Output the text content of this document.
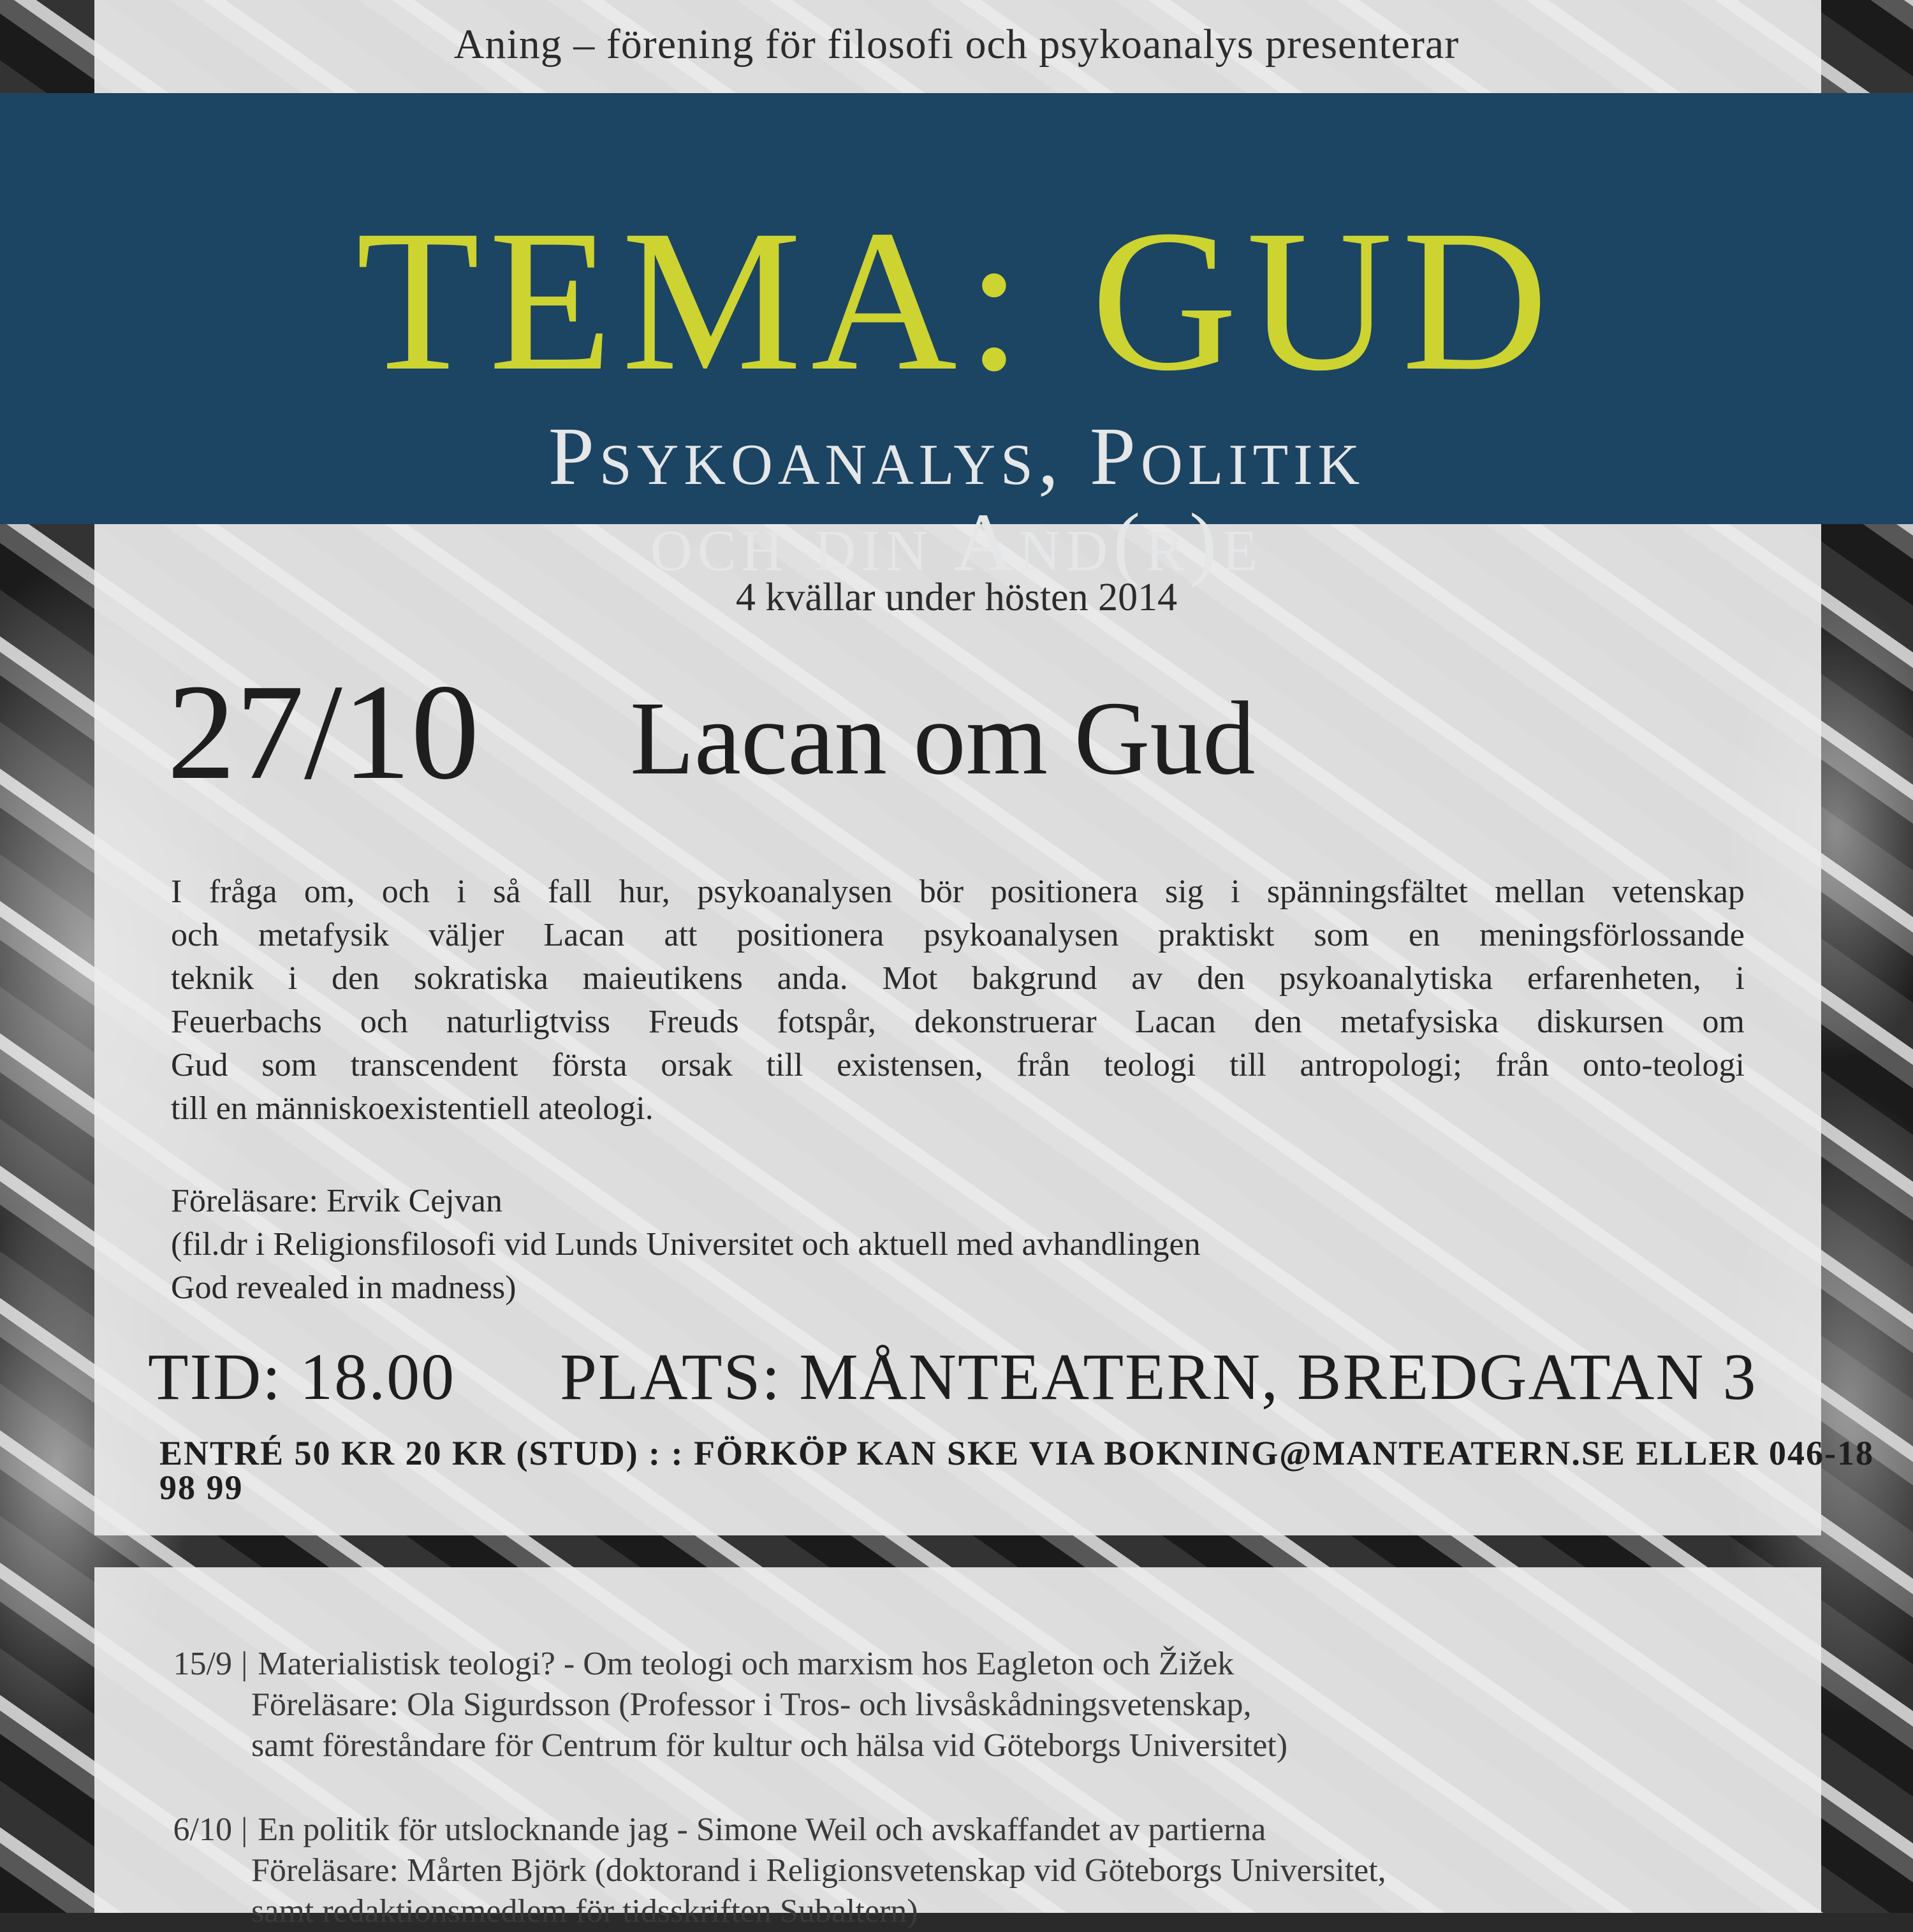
Aning – förening för filosofi och psykoanalys presenterar
TEMA: GUD
Psykoanalys, Politik
och din And(r)e
4 kvällar under hösten 2014
27/10 Lacan om Gud
I fråga om, och i så fall hur, psykoanalysen bör positionera sig i spänningsfältet mellan vetenskap
och metafysik väljer Lacan att positionera psykoanalysen praktiskt som en meningsförlossande
teknik i den sokratiska maieutikens anda. Mot bakgrund av den psykoanalytiska erfarenheten, i
Feuerbachs och naturligtviss Freuds fotspår, dekonstruerar Lacan den metafysiska diskursen om
Gud som transcendent första orsak till existensen, från teologi till antropologi; från onto-teologi
till en människoexistentiell ateologi.
Föreläsare: Ervik Cejvan
(fil.dr i Religionsfilosofi vid Lunds Universitet och aktuell med avhandlingen
God revealed in madness)
TID: 18.00 PLATS: MÅNTEATERN, BREDGATAN 3
ENTRÉ 50 KR 20 KR (STUD) : : FÖRKÖP KAN SKE VIA BOKNING@MANTEATERN.SE ELLER 046-18 98 99
15/9 | Materialistisk teologi? - Om teologi och marxism hos Eagleton och Žižek
Föreläsare: Ola Sigurdsson (Professor i Tros- och livsåskådningsvetenskap,
samt föreståndare för Centrum för kultur och hälsa vid Göteborgs Universitet)
6/10 | En politik för utslocknande jag - Simone Weil och avskaffandet av partierna
Föreläsare: Mårten Björk (doktorand i Religionsvetenskap vid Göteborgs Universitet,
samt redaktionsmedlem för tidsskriften Subaltern)
